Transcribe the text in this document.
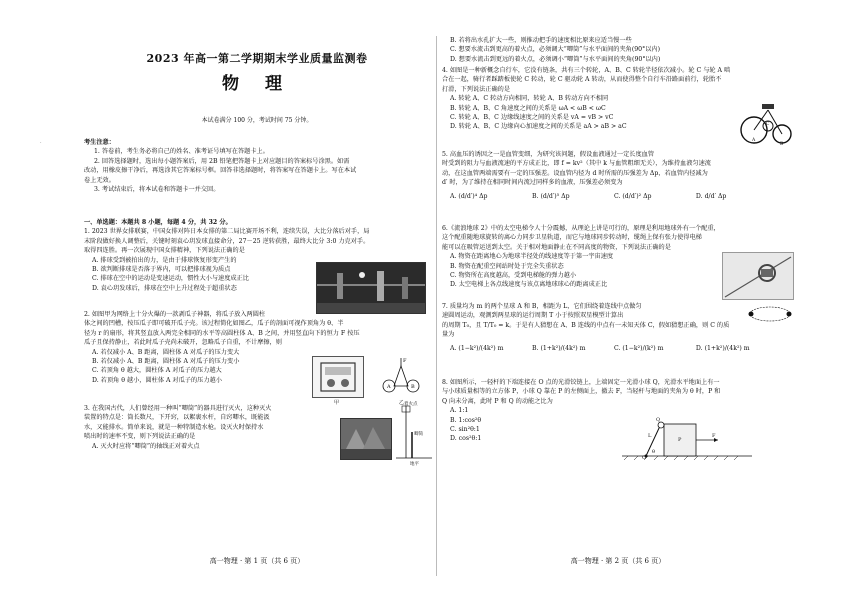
2023 年高一第二学期期末学业质量监测卷
物 理
本试卷满分 100 分，考试时间 75 分钟。
考生注意：
1. 答卷前，考生务必将自己的姓名、准考证号填写在答题卡上。
2. 回答选择题时，选出每小题答案后，用 2B 铅笔把答题卡上对应题目的答案标号涂黑。如需
改动，用橡皮擦干净后，再选涂其它答案标号框。回答非选择题时，将答案写在答题卡上。写在本试
卷上无效。
3. 考试结束后，将本试卷和答题卡一并交回。
一、单选题：本题共 8 小题，每题 4 分，共 32 分。
1. 2023 世界女排联赛，中国女排对阵日本女排的第二局比赛开场不利，连续失误，大比分落后对手，局
末阶段做好换人调整后，关键时刻袁心玥发球直接命分，27－25 逆转获胜，最终大比分 3:0 力克对手。
取得四连胜。再一次展现中国女排精神，下列说法正确的是
A. 排球受到被拍出的力，是由于排球恢复形变产生的
B. 欲判断排球是否落于界内，可以把排球视为质点
C. 排球在空中的运动是变速运动，惯性大小与速度成正比
D. 袁心玥发球后，排球在空中上升过程处于超重状态
2. 如图甲为网络上十分火爆的一款剥瓜子神器，将瓜子放入两圆柱
体之间的凹槽，按压瓜子即可破开瓜子壳。该过程简化如图乙，瓜子的剖面可视作顶角为 θ、半
径为 r 的扇形，将其竖直放入两完全相同的水平等高圆柱体 A、B 之间，并用竖直向下的恒力 F 按压
瓜子且保持静止，若此时瓜子壳尚未破开，忽略瓜子自重，不计摩擦，则
A. 若仅减小 A、B 距离，圆柱体 A 对瓜子的压力变大
B. 若仅减小 A、B 距离，圆柱体 A 对瓜子的压力变小
C. 若顶角 θ 越大，圆柱体 A 对瓜子的压力越大
D. 若顶角 θ 越小，圆柱体 A 对瓜子的压力越小
甲
A	B
F
乙
3. 在我国古代，人们曾经用一种叫“唧筒”的器具进行灭火，这种灭火
装置的特点是：筒长数尺，下开窍，以絮裹水杆，自窍唧水，既能汲
水，又能排水。简单来说，就是一种特制造水枪。设灭火时保持水
喷出时的速率不变，则下列说法正确的是
A. 灭火时应将“唧筒”的轴线正对着火点
着火点
唧筒
地平
高一物理 · 第 1 页（共 6 页）
B. 若将出水孔扩大一些，则推动把手的速度相比原来应适当慢一些
C. 想要水流击到更高的着火点，必须调大“唧筒”与水平面间的夹角(90°以内)
D. 想要水流击到更远的着火点，必须调小“唧筒”与水平面间的夹角(90°以内)
4. 如图是一种新概念自行车，它没有链条，共有三个转轮，A、B、C 转轮半径依次减小。轮 C 与轮 A 啮
合在一起，骑行者踩踏板使轮 C 转动，轮 C 驱动轮 A 转动，从而使得整个自行车沿路面前行，轮胎不
打滑，下列说法正确的是
A. 转轮 A、C 转动方向相同，转轮 A、B 转动方向不相同
B. 转轮 A、B、C 角速度之间的关系是 ωA < ωB < ωC
C. 转轮 A、B、C 边缘线速度之间的关系是 vA = vB > vC
D. 转轮 A、B、C 边缘向心加速度之间的关系是 aA > aB > aC	C
A
B
5. 高血压的诱因之一是血管变细，为研究该问题，假设血液通过一定长度血管
时受到的阻力与血液流速的平方成正比，即 f = kv²（其中 k 与血管粗细无关），为维持血液匀速流
动，在这血管两端需要有一定的压强差。设血管内径为 d 时所需的压强差为 Δp，若血管内径减为
d′ 时，为了维持在相同时间内流过同样多的血液，压强差必须变为
A. (d/d′)⁴ Δp	B. (d/d′)⁵ Δp	C. (d/d′)² Δp	D. d/d′ Δp
6.《流浪地球 2》中的太空电梯令人十分震撼，从理论上讲是可行的，原理是利用地球外有一个配重，
这个配重随地球旋转的离心力同步卫星轨道，而它与地球同步转动时，缆绳上保有张力使得电梯
能可以在吸管运送到太空。关于相对地面静止在不同高度的物资，下列说法正确的是
A. 物资在距离地心为地球半径处的线速度等于第一宇宙速度
B. 物资在配重空间站时处于完全失重状态
C. 物资所在高度越高，受到电梯舱的弹力越小
D. 太空电梯上各点线速度与该点离地球球心的距离成正比
7. 质量均为 m 的两个星球 A 和 B，相距为 L，它们围绕着连线中点做匀
速圆周运动，观测到两星球的运行周期 T 小于按照双星模型计算出
的周期 T₀，且 T/T₀ = k。于是有人猜想在 A、B 连线的中点有一未知天体 C，假如猜想正确，则 C 的质
量为
A. (1−k²)/(4k²) m	B. (1+k²)/(4k²) m	C. (1−k²)/(k²) m	D. (1+k²)/(4k²) m
8. 如图所示，一轻杆的下端连接在 O 点的光滑铰链上，上端固定一光滑小球 Q，光滑水平地面上有一
与小球质量相等的立方体 P，小球 Q 靠在 P 的左侧面上，撤去 F，当轻杆与地面的夹角为 θ 时，P 和
Q 向未分离，此时 P 和 Q 的动能之比为
A. 1:1
B. 1:cos²θ
C. sin²θ:1
D. cos²θ:1
Q
L
O
P
F
θ
高一物理 · 第 2 页（共 6 页）
·
